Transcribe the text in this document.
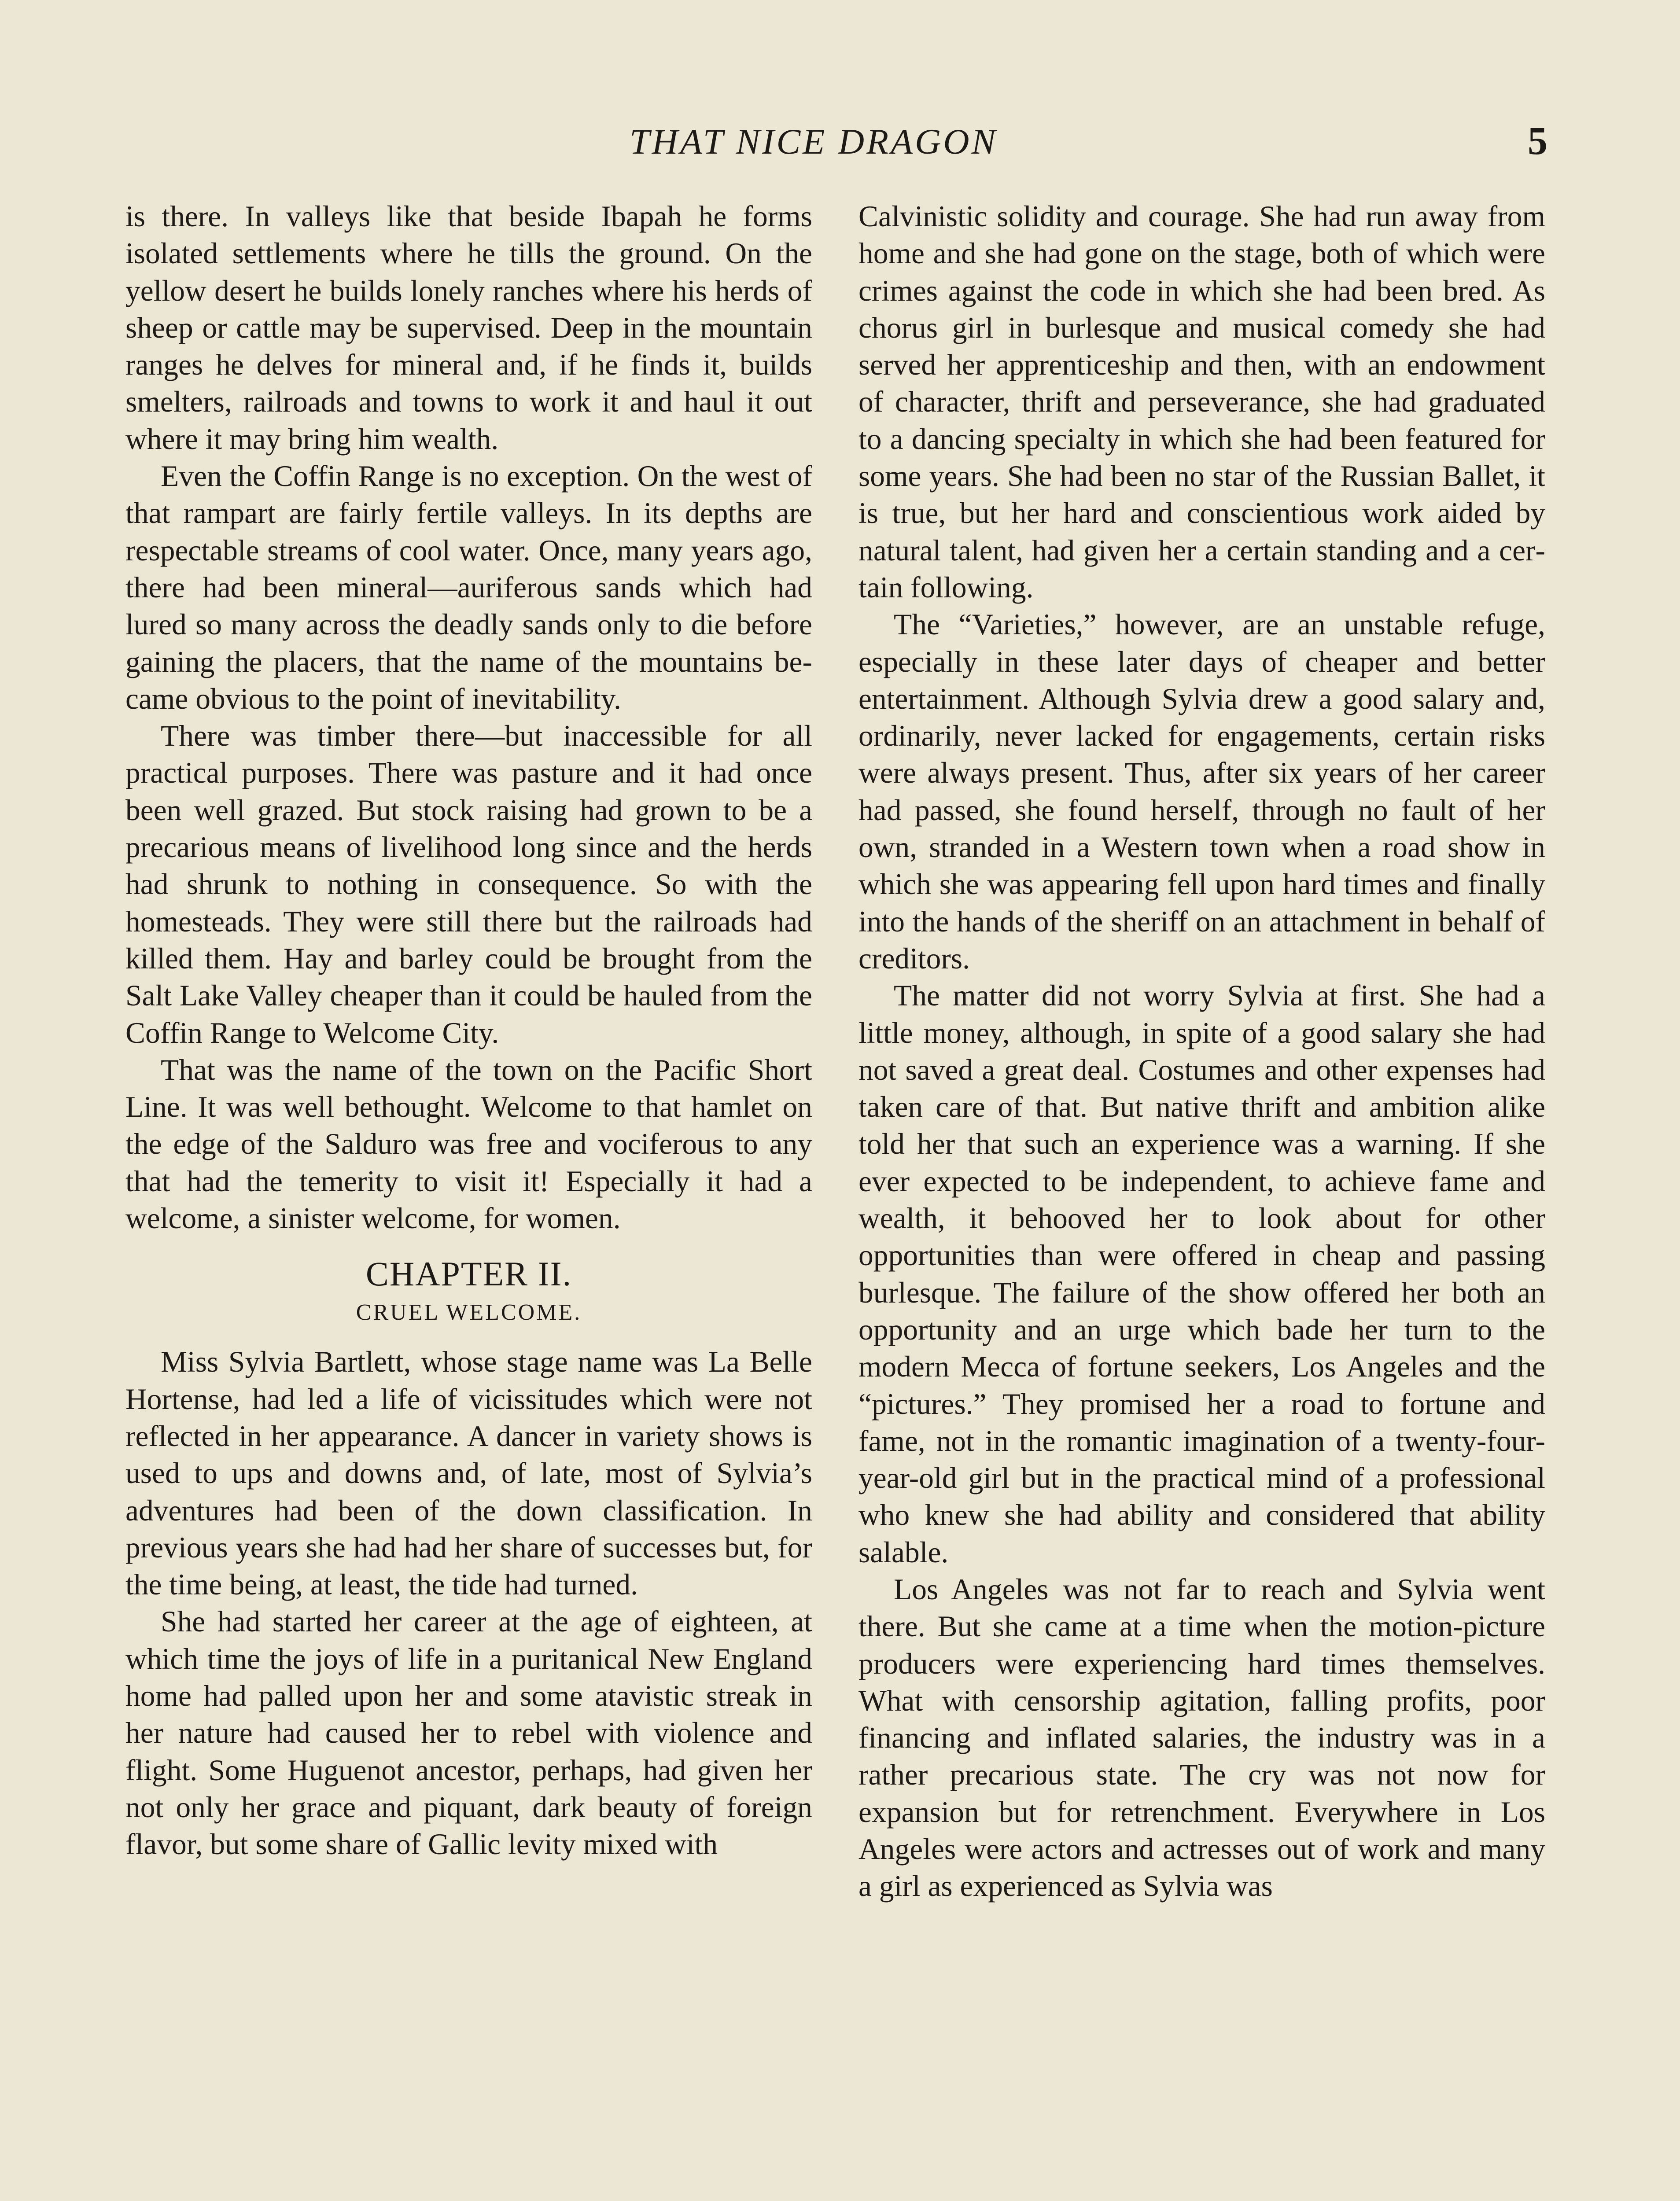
THAT NICE DRAGON	5

is there. In valleys like that beside Ibapah he forms isolated settlements where he tills the ground. On the yellow desert he builds lonely ranches where his herds of sheep or cattle may be supervised. Deep in the mountain ranges he delves for mineral and, if he finds it, builds smelters, railroads and towns to work it and haul it out where it may bring him wealth.

Even the Coffin Range is no exception. On the west of that rampart are fairly fertile valleys. In its depths are respectable streams of cool water. Once, many years ago, there had been mineral—auriferous sands which had lured so many across the deadly sands only to die before gaining the placers, that the name of the mountains became obvious to the point of inevitability.

There was timber there—but inaccessible for all practical purposes. There was pasture and it had once been well grazed. But stock raising had grown to be a precarious means of livelihood long since and the herds had shrunk to nothing in consequence. So with the homesteads. They were still there but the railroads had killed them. Hay and barley could be brought from the Salt Lake Valley cheaper than it could be hauled from the Coffin Range to Welcome City.

That was the name of the town on the Pacific Short Line. It was well bethought. Welcome to that hamlet on the edge of the Salduro was free and vociferous to any that had the temerity to visit it! Especially it had a welcome, a sinister welcome, for women.

CHAPTER II.
CRUEL WELCOME.

Miss Sylvia Bartlett, whose stage name was La Belle Hortense, had led a life of vicissitudes which were not reflected in her appearance. A dancer in variety shows is used to ups and downs and, of late, most of Sylvia’s adventures had been of the down classification. In previous years she had had her share of successes but, for the time being, at least, the tide had turned.

She had started her career at the age of eighteen, at which time the joys of life in a puritanical New England home had palled upon her and some atavistic streak in her nature had caused her to rebel with violence and flight. Some Huguenot ancestor, perhaps, had given her not only her grace and piquant, dark beauty of foreign flavor, but some share of Gallic levity mixed with

Calvinistic solidity and courage. She had run away from home and she had gone on the stage, both of which were crimes against the code in which she had been bred. As chorus girl in burlesque and musical comedy she had served her apprenticeship and then, with an endowment of character, thrift and perseverance, she had graduated to a dancing specialty in which she had been featured for some years. She had been no star of the Russian Ballet, it is true, but her hard and conscientious work aided by natural talent, had given her a certain standing and a certain following.

The “Varieties,” however, are an unstable refuge, especially in these later days of cheaper and better entertainment. Although Sylvia drew a good salary and, ordinarily, never lacked for engagements, certain risks were always present. Thus, after six years of her career had passed, she found herself, through no fault of her own, stranded in a Western town when a road show in which she was appearing fell upon hard times and finally into the hands of the sheriff on an attachment in behalf of creditors.

The matter did not worry Sylvia at first. She had a little money, although, in spite of a good salary she had not saved a great deal. Costumes and other expenses had taken care of that. But native thrift and ambition alike told her that such an experience was a warning. If she ever expected to be independent, to achieve fame and wealth, it behooved her to look about for other opportunities than were offered in cheap and passing burlesque. The failure of the show offered her both an opportunity and an urge which bade her turn to the modern Mecca of fortune seekers, Los Angeles and the “pictures.” They promised her a road to fortune and fame, not in the romantic imagination of a twenty-four-year-old girl but in the practical mind of a professional who knew she had ability and considered that ability salable.

Los Angeles was not far to reach and Sylvia went there. But she came at a time when the motion-picture producers were experiencing hard times themselves. What with censorship agitation, falling profits, poor financing and inflated salaries, the industry was in a rather precarious state. The cry was not now for expansion but for retrenchment. Everywhere in Los Angeles were actors and actresses out of work and many a girl as experienced as Sylvia was
